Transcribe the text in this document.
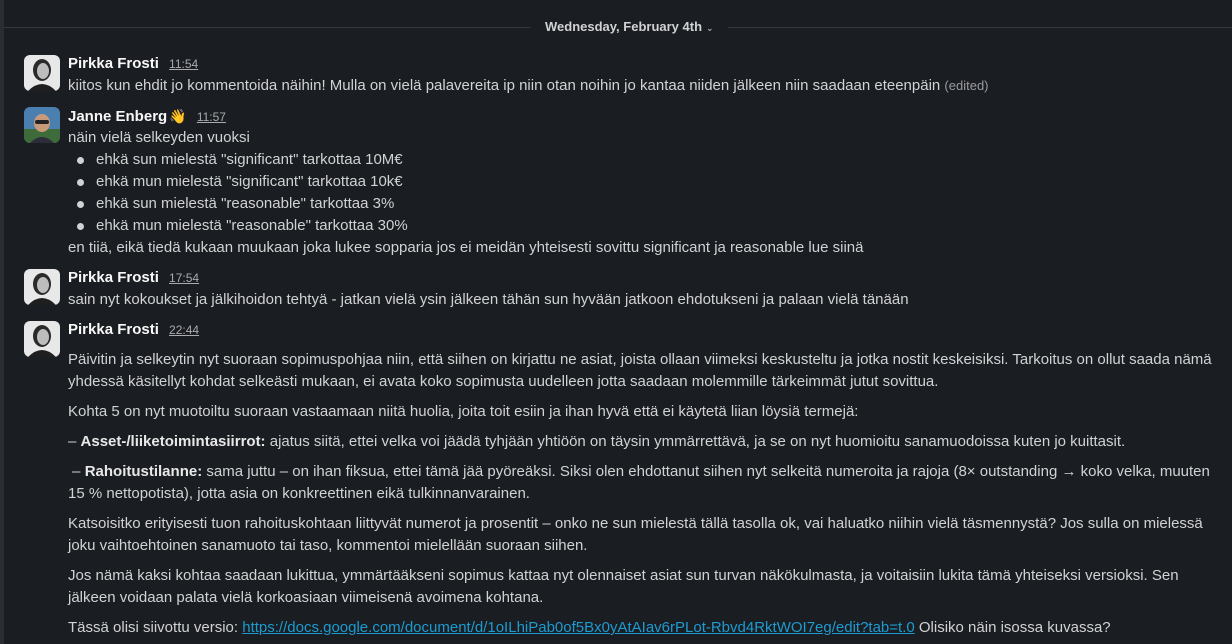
Wednesday, February 4th ⌄
Pirkka Frosti 11:54
kiitos kun ehdit jo kommentoida näihin! Mulla on vielä palavereita ip niin otan noihin jo kantaa niiden jälkeen niin saadaan eteenpäin (edited)
Janne Enberg 👋 11:57
näin vielä selkeyden vuoksi
ehkä sun mielestä "significant" tarkottaa 10M€
ehkä mun mielestä "significant" tarkottaa 10k€
ehkä sun mielestä "reasonable" tarkottaa 3%
ehkä mun mielestä "reasonable" tarkottaa 30%
en tiiä, eikä tiedä kukaan muukaan joka lukee sopparia jos ei meidän yhteisesti sovittu significant ja reasonable lue siinä
Pirkka Frosti 17:54
sain nyt kokoukset ja jälkihoidon tehtyä - jatkan vielä ysin jälkeen tähän sun hyvään jatkoon ehdotukseni ja palaan vielä tänään
Pirkka Frosti 22:44
Päivitin ja selkeytin nyt suoraan sopimuspohjaa niin, että siihen on kirjattu ne asiat, joista ollaan viimeksi keskusteltu ja jotka nostit keskeisiksi. Tarkoitus on ollut saada nämä yhdessä käsitellyt kohdat selkeästi mukaan, ei avata koko sopimusta uudelleen jotta saadaan molemmille tärkeimmät jutut sovittua.
Kohta 5 on nyt muotoiltu suoraan vastaamaan niitä huolia, joita toit esiin ja ihan hyvä että ei käytetä liian löysiä termejä:
– Asset-/liiketoimintasiirrot: ajatus siitä, ettei velka voi jäädä tyhjään yhtiöön on täysin ymmärrettävä, ja se on nyt huomioitu sanamuodoissa kuten jo kuittasit.
– Rahoitustilanne: sama juttu – on ihan fiksua, ettei tämä jää pyöreäksi. Siksi olen ehdottanut siihen nyt selkeitä numeroita ja rajoja (8× outstanding → koko velka, muuten 15 % nettopotista), jotta asia on konkreettinen eikä tulkinnanvarainen.
Katsoisitko erityisesti tuon rahoituskohtaan liittyvät numerot ja prosentit – onko ne sun mielestä tällä tasolla ok, vai haluatko niihin vielä täsmennystä? Jos sulla on mielessä joku vaihtoehtoinen sanamuoto tai taso, kommentoi mielellään suoraan siihen.
Jos nämä kaksi kohtaa saadaan lukittua, ymmärtääkseni sopimus kattaa nyt olennaiset asiat sun turvan näkökulmasta, ja voitaisiin lukita tämä yhteiseksi versioksi. Sen jälkeen voidaan palata vielä korkoasiaan viimeisenä avoimena kohtana.
Tässä olisi siivottu versio: https://docs.google.com/document/d/1oILhiPab0of5Bx0yAtAIav6rPLot-Rbvd4RktWOI7eg/edit?tab=t.0 Olisiko näin isossa kuvassa?
